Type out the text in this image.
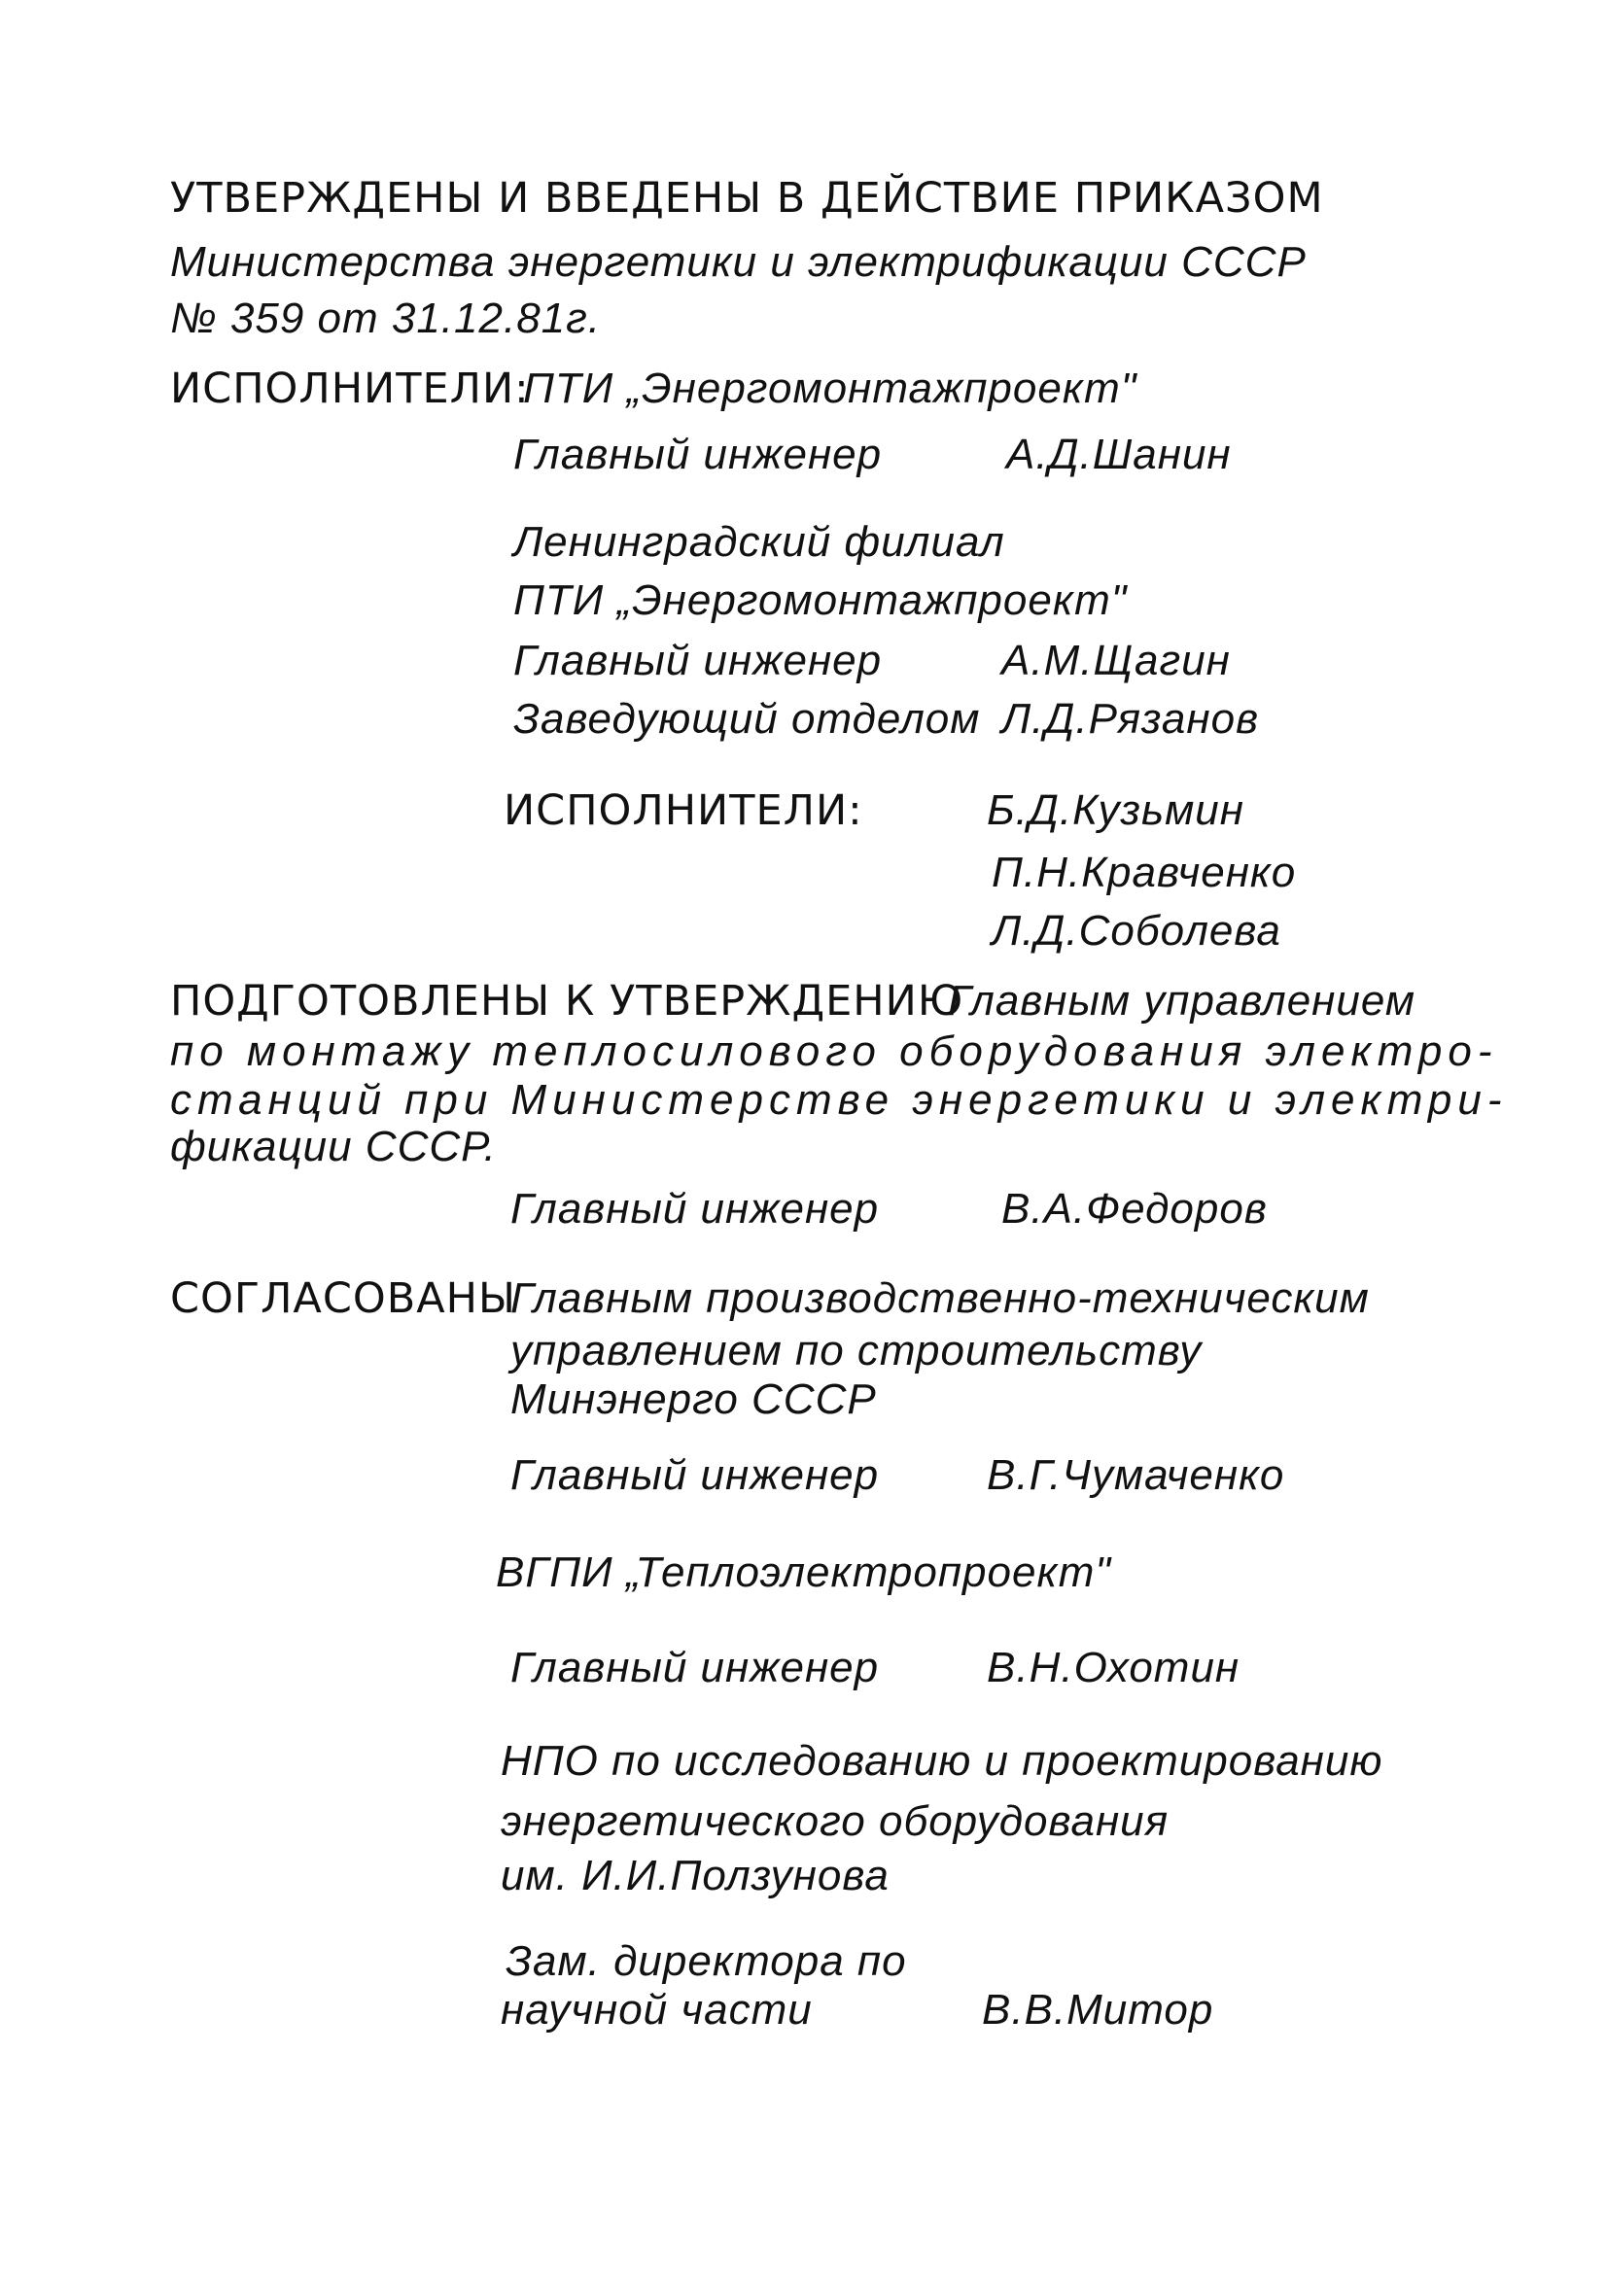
УТВЕРЖДЕНЫ И ВВЕДЕНЫ В ДЕЙСТВИЕ ПРИКАЗОМ
Министерства энергетики и электрификации СССР
№ 359 от 31.12.81г.
ИСПОЛНИТЕЛИ:
ПТИ „Энергомонтажпроект"
Главный инженер	А.Д.Шанин
Ленинградский филиал
ПТИ „Энергомонтажпроект"
Главный инженер	А.М.Щагин
Заведующий отделом Л.Д.Рязанов
ИСПОЛНИТЕЛИ:	Б.Д.Кузьмин
П.Н.Кравченко
Л.Д.Соболева
ПОДГОТОВЛЕНЫ К УТВЕРЖДЕНИЮ
Главным управлением
по монтажу теплосилового оборудования электро-
станций при Министерстве энергетики и электри-
фикации СССР.
Главный инженер	В.А.Федоров
СОГЛАСОВАНЫ
Главным производственно-техническим
управлением по строительству
Минэнерго СССР
Главный инженер	В.Г.Чумаченко
ВГПИ „Теплоэлектропроект"
Главный инженер	В.Н.Охотин
НПО по исследованию и проектированию
энергетического оборудования
им. И.И.Ползунова
Зам. директора по
научной части	В.В.Митор
